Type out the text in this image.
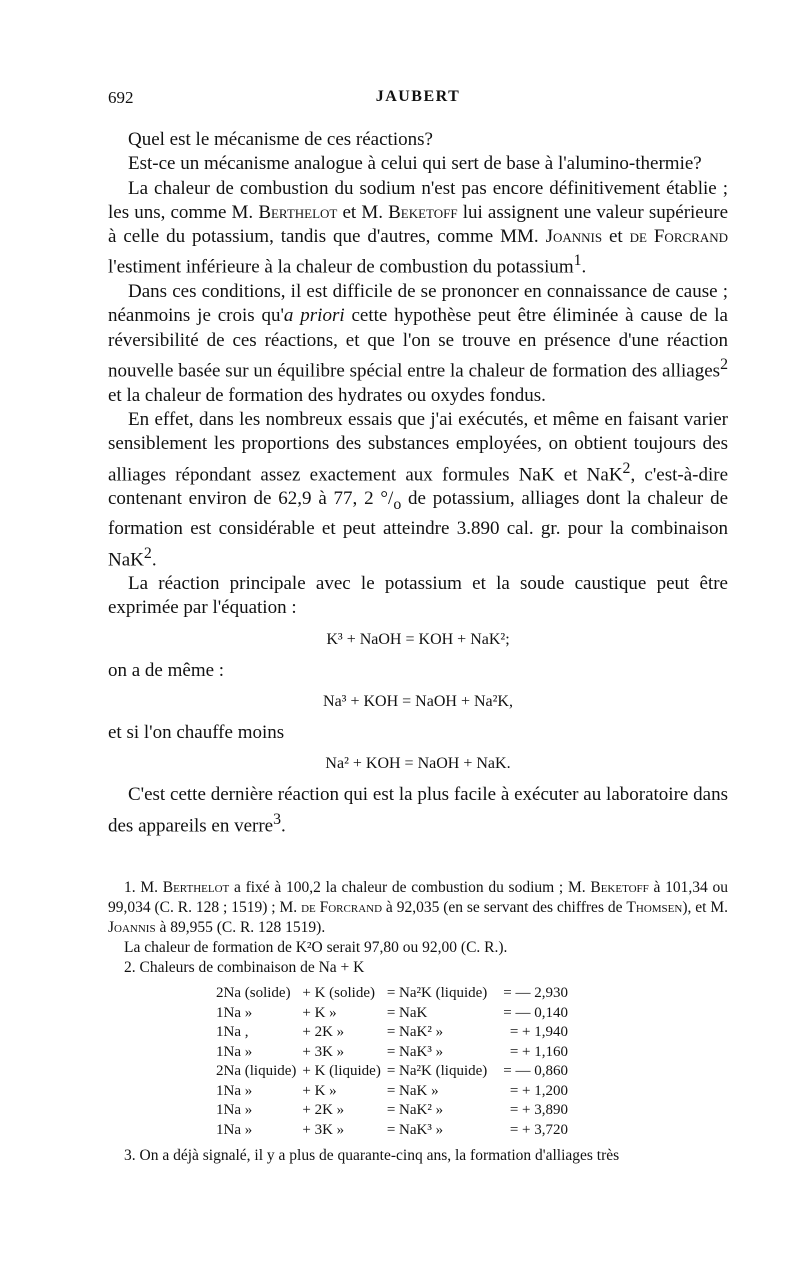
692	JAUBERT

Quel est le mécanisme de ces réactions?

Est-ce un mécanisme analogue à celui qui sert de base à l'alumino-thermie?

La chaleur de combustion du sodium n'est pas encore définitivement établie ; les uns, comme M. Berthelot et M. Beketoff lui assignent une valeur supérieure à celle du potassium, tandis que d'autres, comme MM. Joannis et de Forcrand l'estiment inférieure à la chaleur de combustion du potassium$^1$.

Dans ces conditions, il est difficile de se prononcer en connaissance de cause ; néanmoins je crois qu'a priori cette hypothèse peut être éliminée à cause de la réversibilité de ces réactions, et que l'on se trouve en présence d'une réaction nouvelle basée sur un équilibre spécial entre la chaleur de formation des alliages$^2$ et la chaleur de formation des hydrates ou oxydes fondus.

En effet, dans les nombreux essais que j'ai exécutés, et même en faisant varier sensiblement les proportions des substances employées, on obtient toujours des alliages répondant assez exactement aux formules NaK et NaK$^2$, c'est-à-dire contenant environ de 62,9 à 77, 2 $^\circ/_o$ de potassium, alliages dont la chaleur de formation est considérable et peut atteindre 3.890 cal. gr. pour la combinaison NaK$^2$.

La réaction principale avec le potassium et la soude caustique peut être exprimée par l'équation :

K³ + NaOH = KOH + NaK²;

on a de même :

Na³ + KOH = NaOH + Na²K,

et si l'on chauffe moins

Na² + KOH = NaOH + NaK.

C'est cette dernière réaction qui est la plus facile à exécuter au laboratoire dans des appareils en verre$^3$.

1. M. Berthelot a fixé à 100,2 la chaleur de combustion du sodium ; M. Beketoff à 101,34 ou 99,034 (C. R. 128 ; 1519) ; M. de Forcrand à 92,035 (en se servant des chiffres de Thomsen), et M. Joannis à 89,955 (C. R. 128 1519).

La chaleur de formation de K²O serait 97,80 ou 92,00 (C. R.).

2. Chaleurs de combinaison de Na + K

2Na (solide)	+ K (solide)	= Na²K (liquide)	= — 2,930
1Na »	+ K »	= NaK	= — 0,140
1Na ,	+ 2K »	= NaK² »	= + 1,940
1Na »	+ 3K »	= NaK³ »	= + 1,160
2Na (liquide)	+ K (liquide)	= Na²K (liquide)	= — 0,860
1Na »	+ K »	= NaK »	= + 1,200
1Na »	+ 2K »	= NaK² »	= + 3,890
1Na »	+ 3K »	= NaK³ »	= + 3,720

3. On a déjà signalé, il y a plus de quarante-cinq ans, la formation d'alliages très
